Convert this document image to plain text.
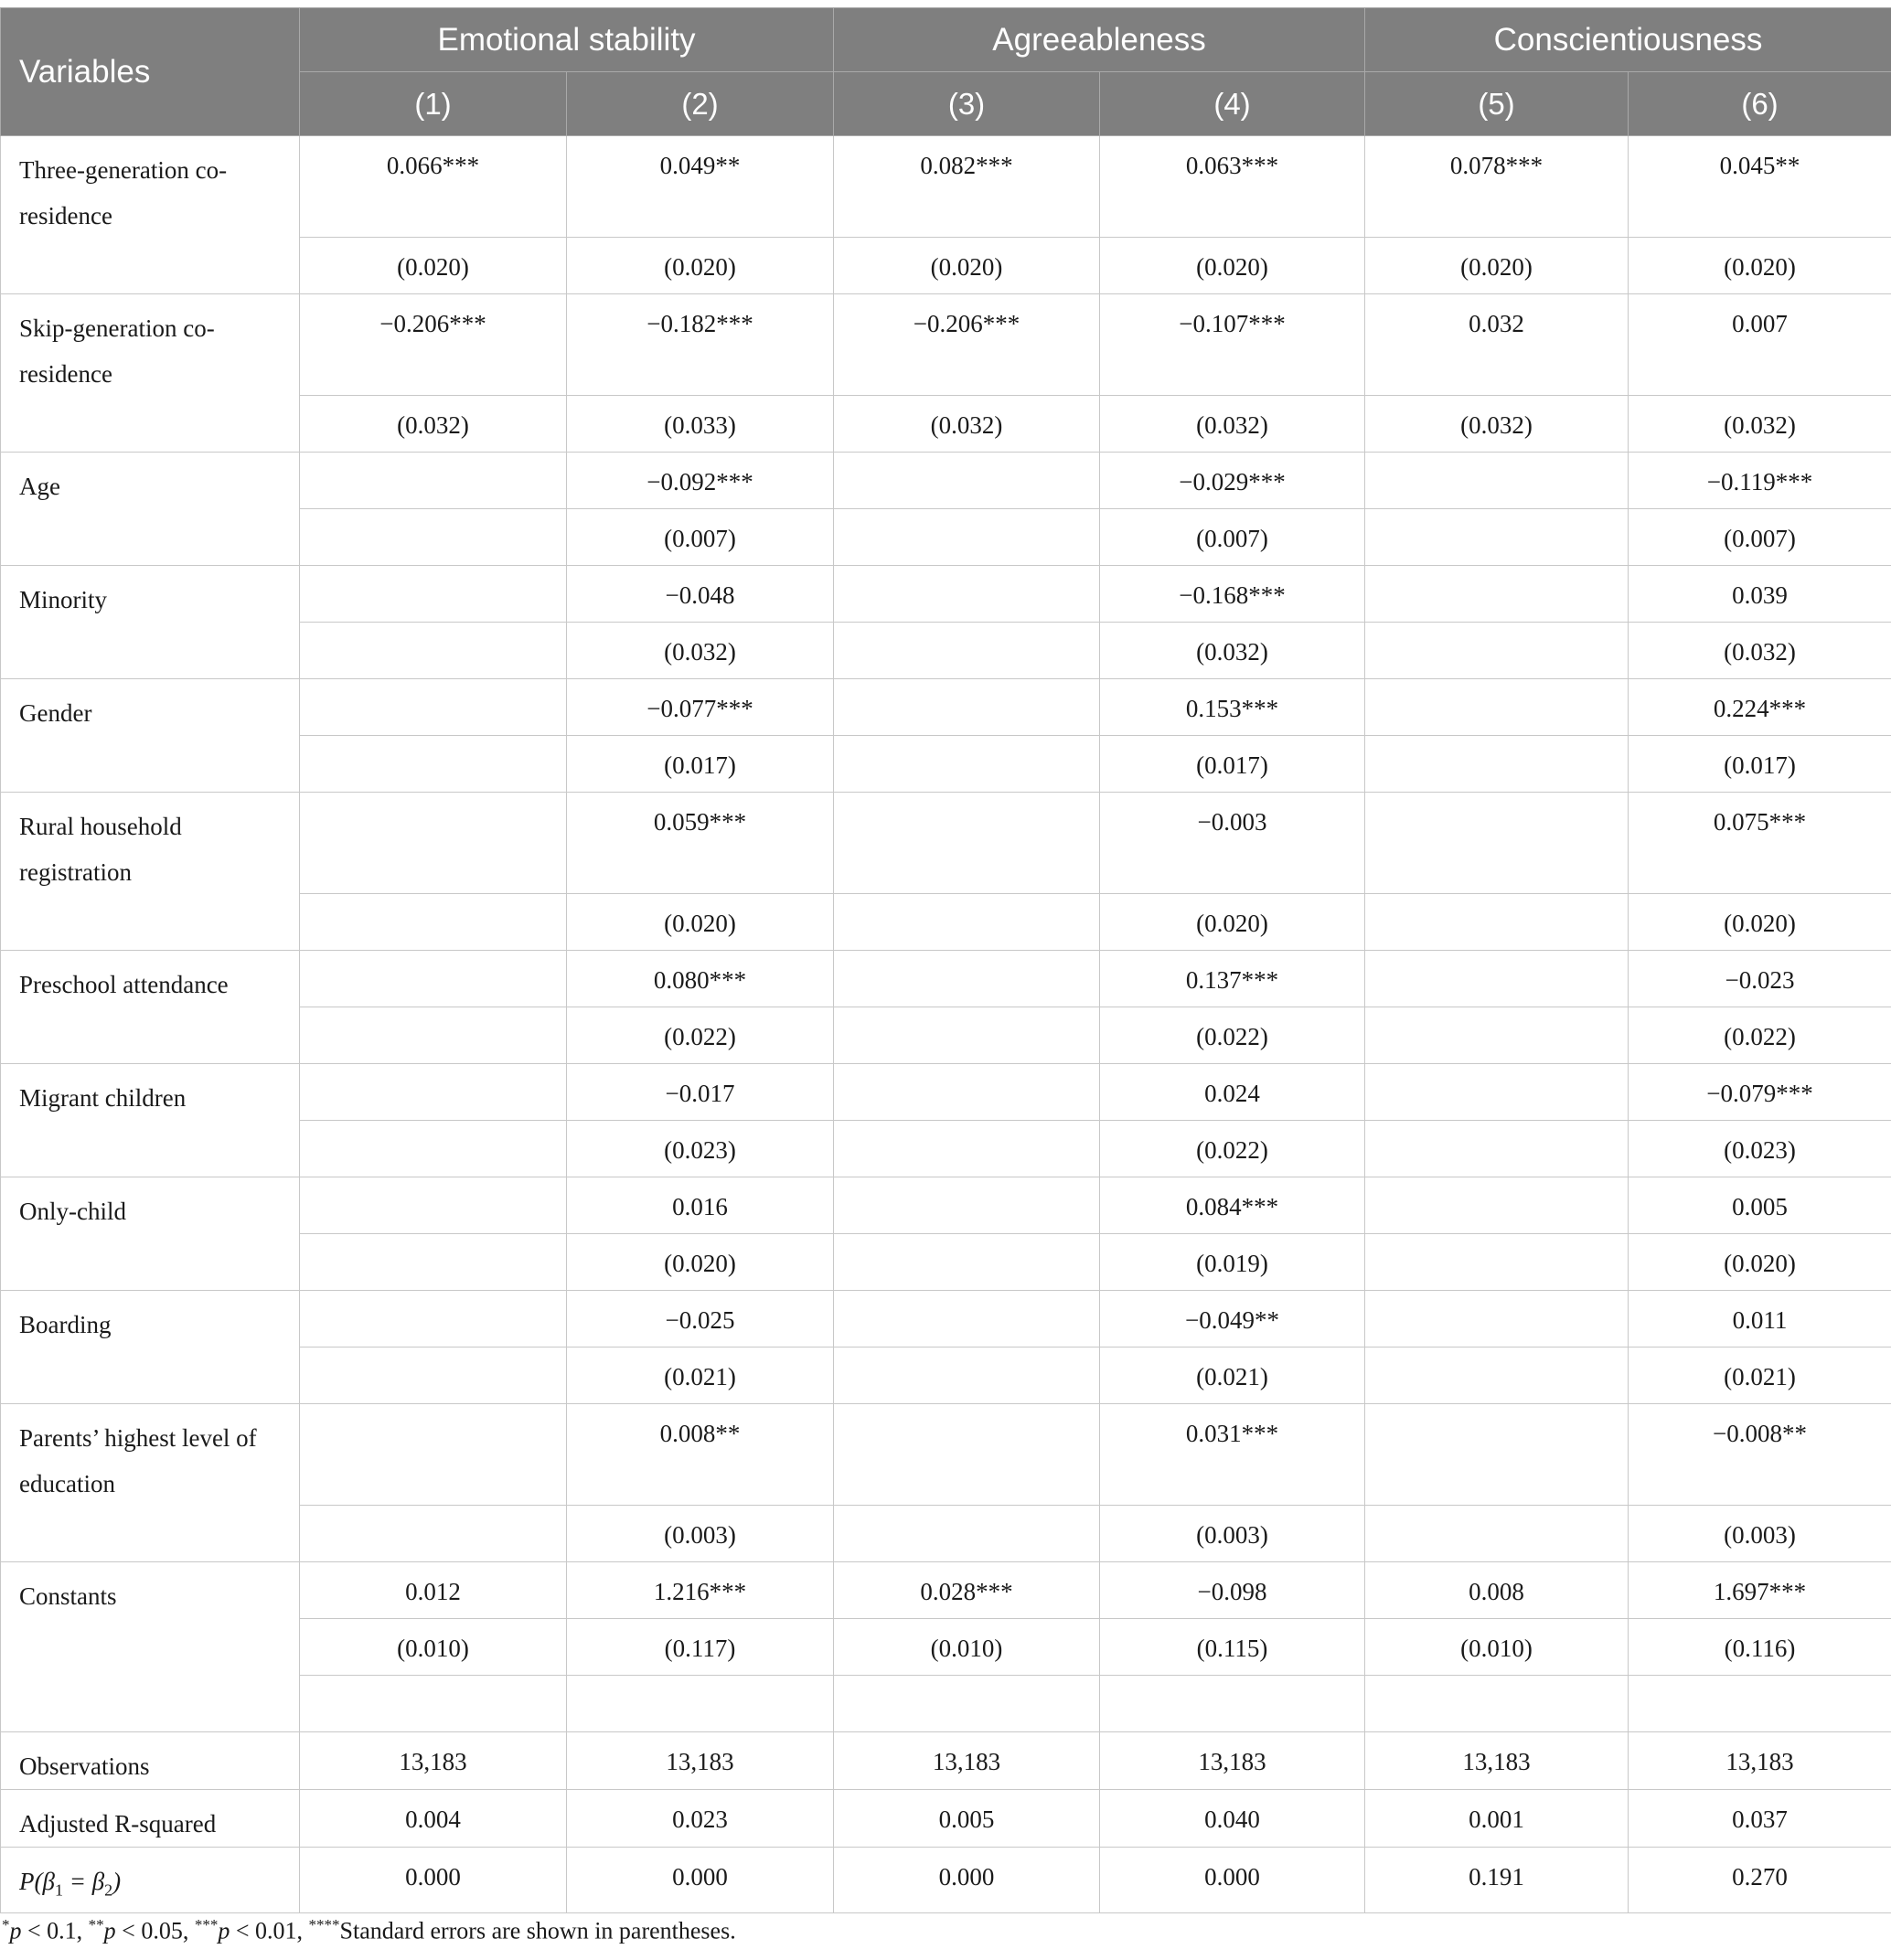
Variables	Emotional stability		Agreeableness		Conscientiousness	
	(1)	(2)	(3)	(4)	(5)	(6)
Three-generation co-residence	0.066***	0.049**	0.082***	0.063***	0.078***	0.045**
	(0.020)	(0.020)	(0.020)	(0.020)	(0.020)	(0.020)
Skip-generation co-residence	−0.206***	−0.182***	−0.206***	−0.107***	0.032	0.007
	(0.032)	(0.033)	(0.032)	(0.032)	(0.032)	(0.032)
Age		−0.092***		−0.029***		−0.119***
		(0.007)		(0.007)		(0.007)
Minority		−0.048		−0.168***		0.039
		(0.032)		(0.032)		(0.032)
Gender		−0.077***		0.153***		0.224***
		(0.017)		(0.017)		(0.017)
Rural household registration		0.059***		−0.003		0.075***
		(0.020)		(0.020)		(0.020)
Preschool attendance		0.080***		0.137***		−0.023
		(0.022)		(0.022)		(0.022)
Migrant children		−0.017		0.024		−0.079***
		(0.023)		(0.022)		(0.023)
Only-child		0.016		0.084***		0.005
		(0.020)		(0.019)		(0.020)
Boarding		−0.025		−0.049**		0.011
		(0.021)		(0.021)		(0.021)
Parents’ highest level of education		0.008**		0.031***		−0.008**
		(0.003)		(0.003)		(0.003)
Constants	0.012	1.216***	0.028***	−0.098	0.008	1.697***
	(0.010)	(0.117)	(0.010)	(0.115)	(0.010)	(0.116)

Observations	13,183	13,183	13,183	13,183	13,183	13,183
Adjusted R-squared	0.004	0.023	0.005	0.040	0.001	0.037
$P(\beta_1 = \beta_2)$	0.000	0.000	0.000	0.000	0.191	0.270
*p < 0.1, **p < 0.05, ***p < 0.01, ****Standard errors are shown in parentheses.
